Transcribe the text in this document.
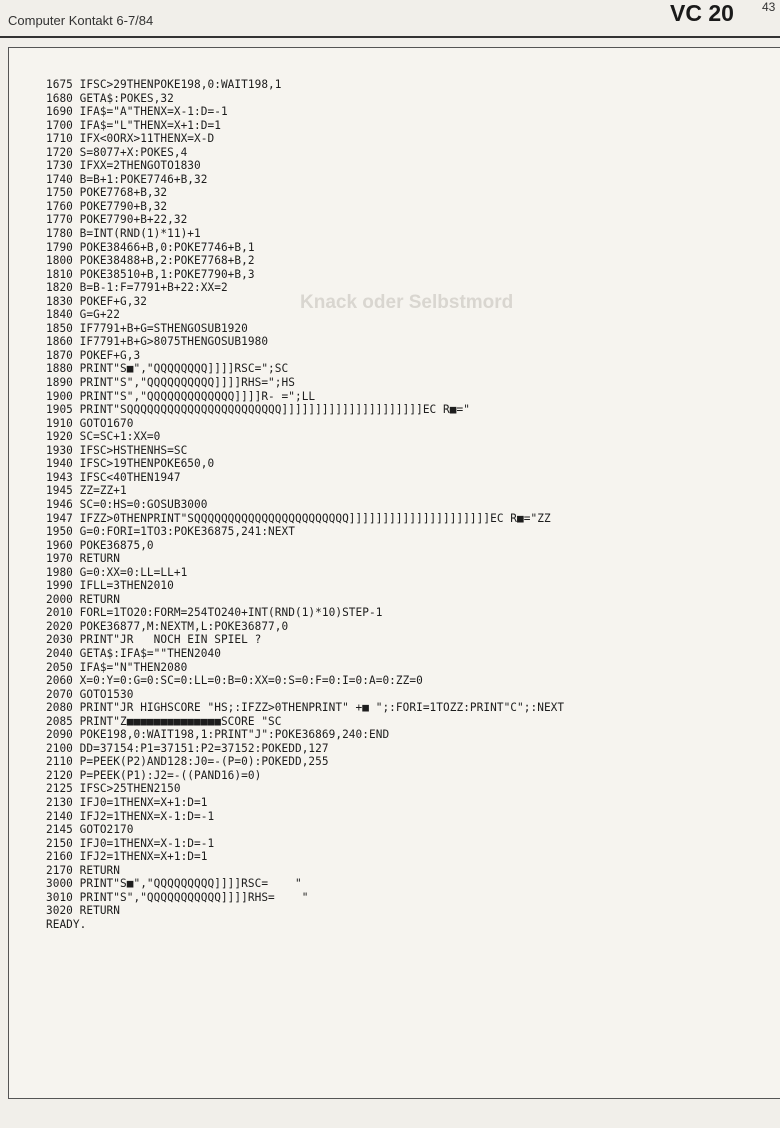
Computer Kontakt 6-7/84	VC 20 43
Knack oder Selbstmord
1675 IFSC>29THENPOKE198,0:WAIT198,1
1680 GETA$:POKES,32
1690 IFA$="A"THENX=X-1:D=-1
1700 IFA$="L"THENX=X+1:D=1
1710 IFX<0ORX>11THENX=X-D
1720 S=8077+X:POKES,4
1730 IFXX=2THENGOTO1830
1740 B=B+1:POKE7746+B,32
1750 POKE7768+B,32
1760 POKE7790+B,32
1770 POKE7790+B+22,32
1780 B=INT(RND(1)*11)+1
1790 POKE38466+B,0:POKE7746+B,1
1800 POKE38488+B,2:POKE7768+B,2
1810 POKE38510+B,1:POKE7790+B,3
1820 B=B-1:F=7791+B+22:XX=2
1830 POKEF+G,32
1840 G=G+22
1850 IF7791+B+G=STHENGOSUB1920
1860 IF7791+B+G>8075THENGOSUB1980
1870 POKEF+G,3
1880 PRINT"S■","QQQQQQQQ]]]]RSC=";SC
1890 PRINT"S","QQQQQQQQQQ]]]]RHS=";HS
1900 PRINT"S","QQQQQQQQQQQQQ]]]]R- =";LL
1905 PRINT"SQQQQQQQQQQQQQQQQQQQQQQQ]]]]]]]]]]]]]]]]]]]]]EC R■="
1910 GOTO1670
1920 SC=SC+1:XX=0
1930 IFSC>HSTHENHS=SC
1940 IFSC>19THENPOKE650,0
1943 IFSC<40THEN1947
1945 ZZ=ZZ+1
1946 SC=0:HS=0:GOSUB3000
1947 IFZZ>0THENPRINT"SQQQQQQQQQQQQQQQQQQQQQQQ]]]]]]]]]]]]]]]]]]]]]EC R■="ZZ
1950 G=0:FORI=1TO3:POKE36875,241:NEXT
1960 POKE36875,0
1970 RETURN
1980 G=0:XX=0:LL=LL+1
1990 IFLL=3THEN2010
2000 RETURN
2010 FORL=1TO20:FORM=254TO240+INT(RND(1)*10)STEP-1
2020 POKE36877,M:NEXTM,L:POKE36877,0
2030 PRINT"JR   NOCH EIN SPIEL ?
2040 GETA$:IFA$=""THEN2040
2050 IFA$="N"THEN2080
2060 X=0:Y=0:G=0:SC=0:LL=0:B=0:XX=0:S=0:F=0:I=0:A=0:ZZ=0
2070 GOTO1530
2080 PRINT"JR HIGHSCORE "HS;:IFZZ>0THENPRINT" +■ ";:FORI=1TOZZ:PRINT"C";:NEXT
2085 PRINT"Z■■■■■■■■■■■■■■SCORE "SC
2090 POKE198,0:WAIT198,1:PRINT"J":POKE36869,240:END
2100 DD=37154:P1=37151:P2=37152:POKEDD,127
2110 P=PEEK(P2)AND128:J0=-(P=0):POKEDD,255
2120 P=PEEK(P1):J2=-((PAND16)=0)
2125 IFSC>25THEN2150
2130 IFJ0=1THENX=X+1:D=1
2140 IFJ2=1THENX=X-1:D=-1
2145 GOTO2170
2150 IFJ0=1THENX=X-1:D=-1
2160 IFJ2=1THENX=X+1:D=1
2170 RETURN
3000 PRINT"S■","QQQQQQQQQ]]]]RSC=    "
3010 PRINT"S","QQQQQQQQQQQ]]]]RHS=    "
3020 RETURN
READY.
